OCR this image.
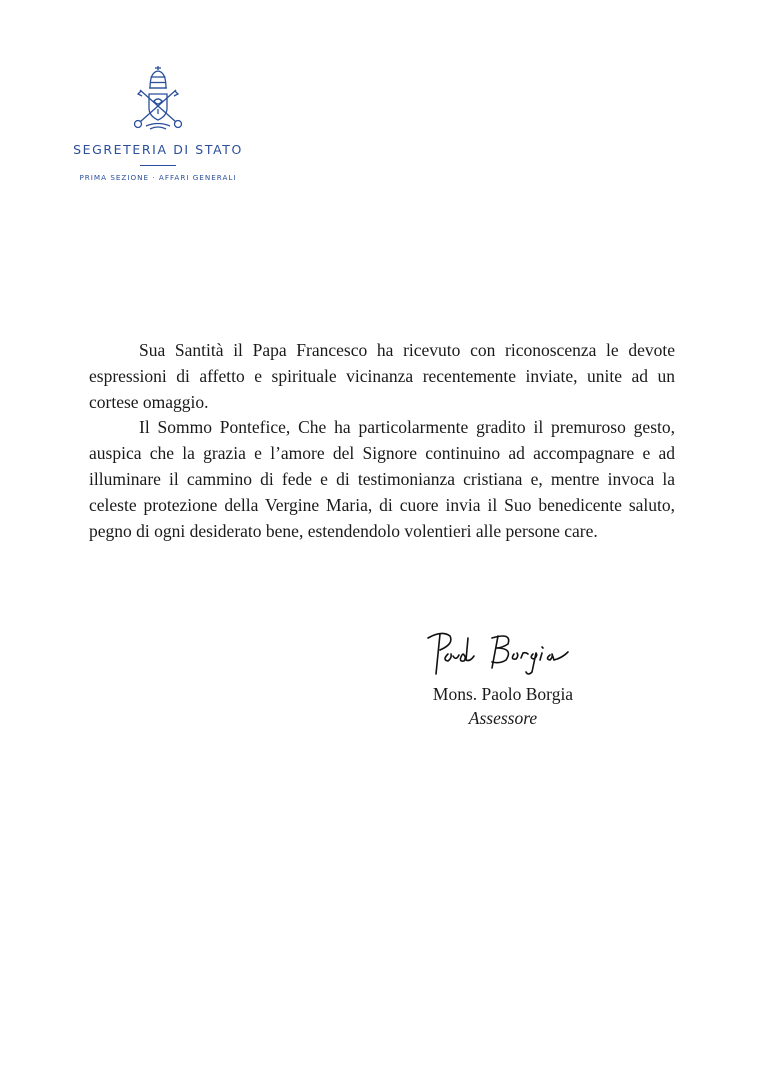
SEGRETERIA DI STATO
PRIMA SEZIONE · AFFARI GENERALI

Sua Santità il Papa Francesco ha ricevuto con riconoscenza le devote espressioni di affetto e spirituale vicinanza recentemente inviate, unite ad un cortese omaggio.

Il Sommo Pontefice, Che ha particolarmente gradito il premuroso gesto, auspica che la grazia e l’amore del Signore continuino ad accompagnare e ad illuminare il cammino di fede e di testimonianza cristiana e, mentre invoca la celeste protezione della Vergine Maria, di cuore invia il Suo benedicente saluto, pegno di ogni desiderato bene, estendendolo volentieri alle persone care.

Mons. Paolo Borgia
Assessore
